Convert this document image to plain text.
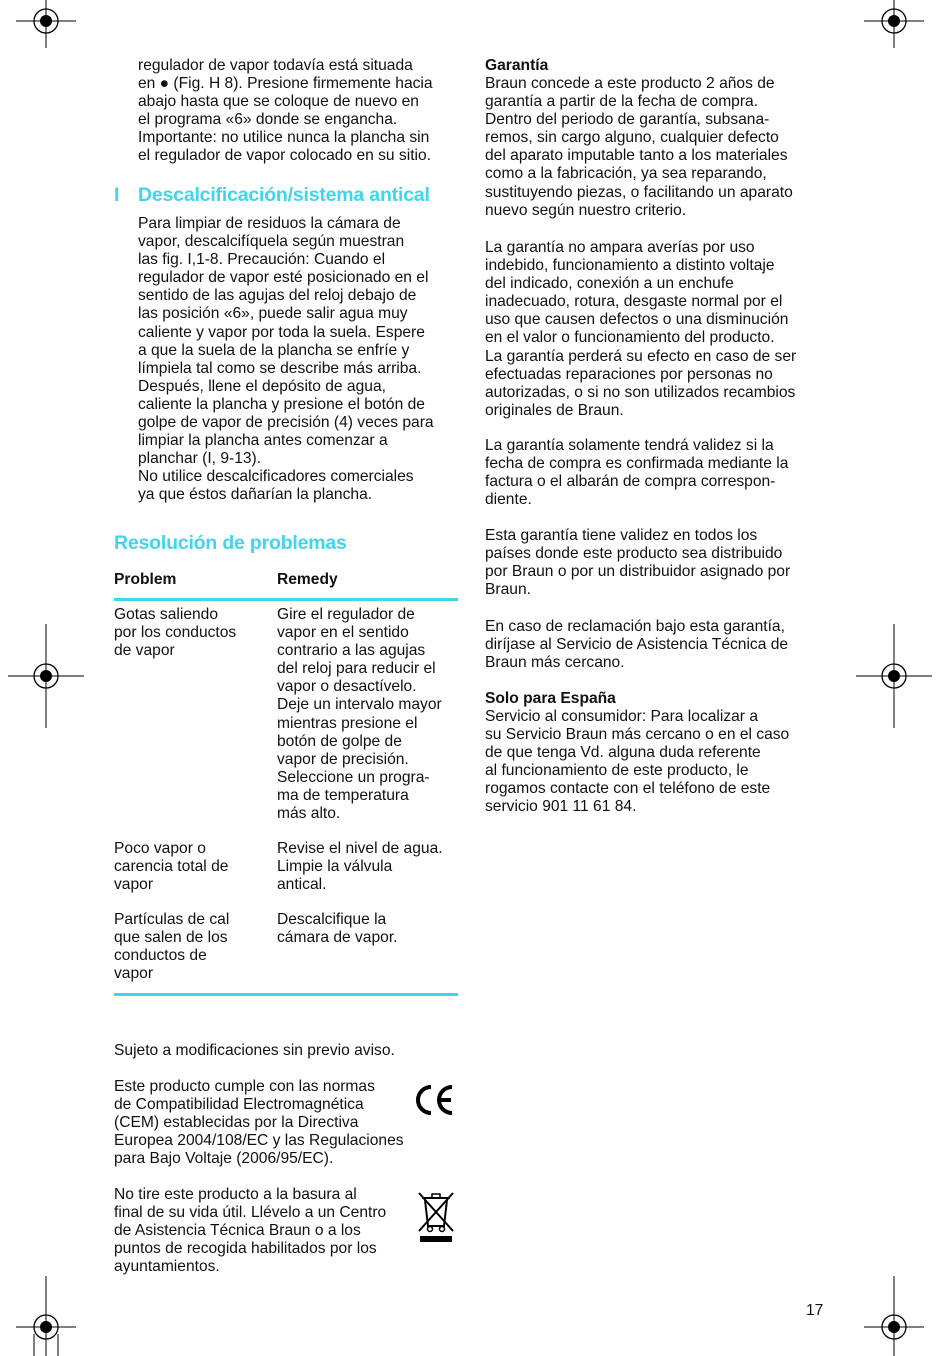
regulador de vapor todavía está situada
en ● (Fig. H 8). Presione firmemente hacia
abajo hasta que se coloque de nuevo en
el programa «6» donde se engancha.
Importante: no utilice nunca la plancha sin
el regulador de vapor colocado en su sitio.

I Descalcificación/sistema antical

Para limpiar de residuos la cámara de
vapor, descalcifíquela según muestran
las fig. I,1-8. Precaución: Cuando el
regulador de vapor esté posicionado en el
sentido de las agujas del reloj debajo de
las posición «6», puede salir agua muy
caliente y vapor por toda la suela. Espere
a que la suela de la plancha se enfríe y
límpiela tal como se describe más arriba.
Después, llene el depósito de agua,
caliente la plancha y presione el botón de
golpe de vapor de precisión (4) veces para
limpiar la plancha antes comenzar a
planchar (I, 9-13).
No utilice descalcificadores comerciales
ya que éstos dañarían la plancha.

Resolución de problemas
Problem	Remedy

Gotas saliendo
por los conductos
de vapor

Gire el regulador de
vapor en el sentido
contrario a las agujas
del reloj para reducir el
vapor o desactívelo.
Deje un intervalo mayor
mientras presione el
botón de golpe de
vapor de precisión.
Seleccione un progra-
ma de temperatura
más alto.

Poco vapor o
carencia total de
vapor

Revise el nivel de agua.
Limpie la válvula
antical.

Partículas de cal
que salen de los
conductos de
vapor

Descalcifique la
cámara de vapor.

Sujeto a modificaciones sin previo aviso.

Este producto cumple con las normas
de Compatibilidad Electromagnética
(CEM) establecidas por la Directiva
Europea 2004/108/EC y las Regulaciones
para Bajo Voltaje (2006/95/EC).

No tire este producto a la basura al
final de su vida útil. Llévelo a un Centro
de Asistencia Técnica Braun o a los
puntos de recogida habilitados por los
ayuntamientos.

Garantía

Braun concede a este producto 2 años de
garantía a partir de la fecha de compra.
Dentro del periodo de garantía, subsana-
remos, sin cargo alguno, cualquier defecto
del aparato imputable tanto a los materiales
como a la fabricación, ya sea reparando,
sustituyendo piezas, o facilitando un aparato
nuevo según nuestro criterio.

La garantía no ampara averías por uso
indebido, funcionamiento a distinto voltaje
del indicado, conexión a un enchufe
inadecuado, rotura, desgaste normal por el
uso que causen defectos o una disminución
en el valor o funcionamiento del producto.
La garantía perderá su efecto en caso de ser
efectuadas reparaciones por personas no
autorizadas, o si no son utilizados recambios
originales de Braun.

La garantía solamente tendrá validez si la
fecha de compra es confirmada mediante la
factura o el albarán de compra correspon-
diente.

Esta garantía tiene validez en todos los
países donde este producto sea distribuido
por Braun o por un distribuidor asignado por
Braun.

En caso de reclamación bajo esta garantía,
diríjase al Servicio de Asistencia Técnica de
Braun más cercano.

Solo para España

Servicio al consumidor: Para localizar a
su Servicio Braun más cercano o en el caso
de que tenga Vd. alguna duda referente
al funcionamiento de este producto, le
rogamos contacte con el teléfono de este
servicio 901 11 61 84.

17
